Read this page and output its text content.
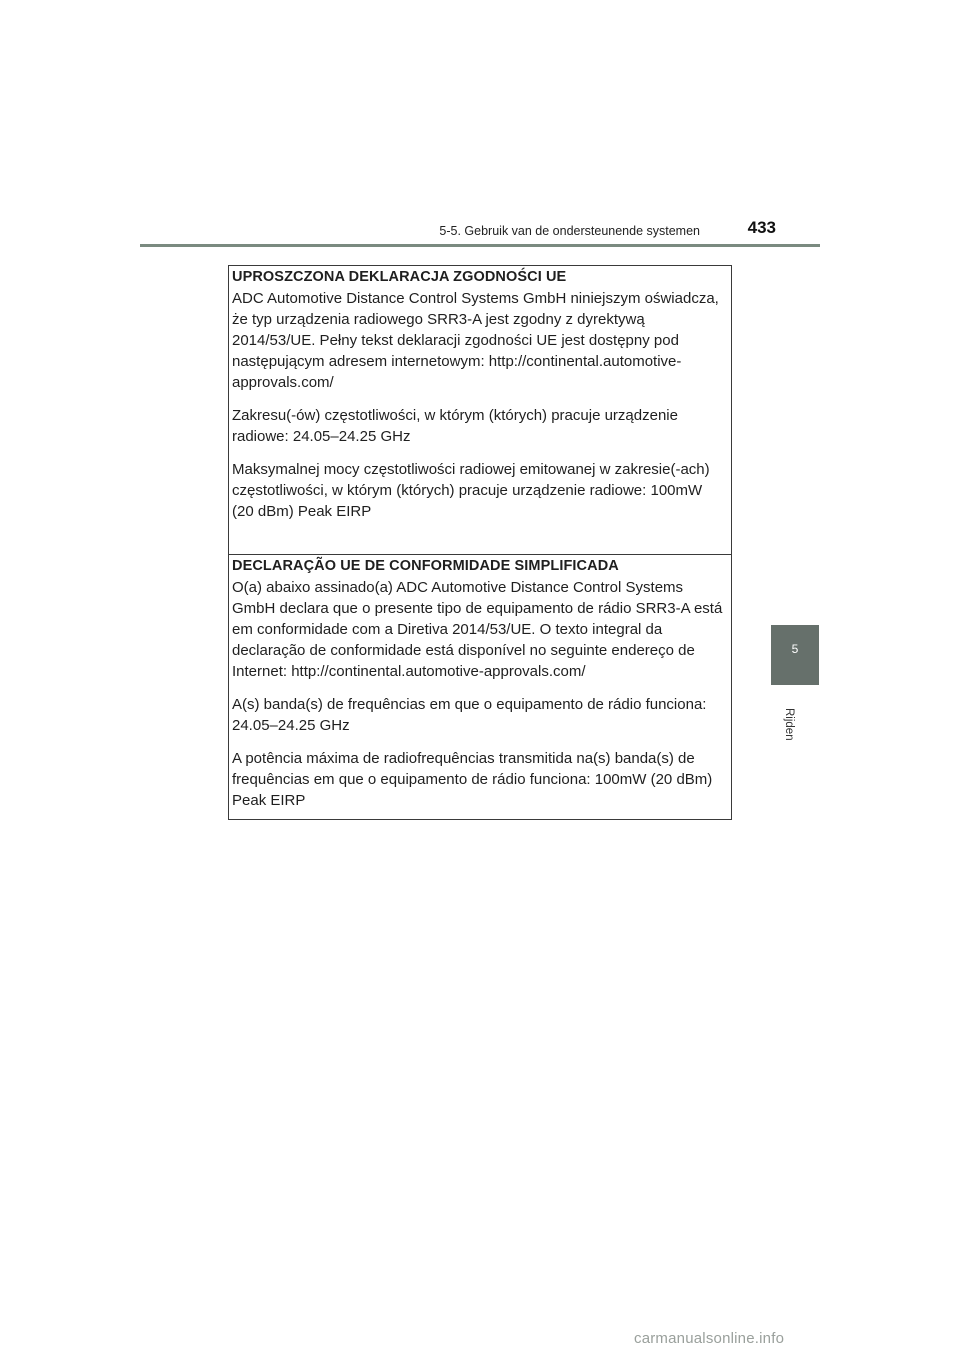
5-5. Gebruik van de ondersteunende systemen	433
5
Rijden
UPROSZCZONA DEKLARACJA ZGODNOŚCI UE

ADC Automotive Distance Control Systems GmbH niniejszym oświadcza, że typ urządzenia radiowego SRR3-A jest zgodny z dyrektywą 2014/53/UE. Pełny tekst deklaracji zgodności UE jest dostępny pod następującym adresem internetowym: http://continental.automotive-approvals.com/

Zakresu(-ów) częstotliwości, w którym (których) pracuje urządzenie radiowe: 24.05–24.25 GHz

Maksymalnej mocy częstotliwości radiowej emitowanej w zakresie(-ach) częstotliwości, w którym (których) pracuje urządzenie radiowe: 100mW (20 dBm) Peak EIRP

DECLARAÇÃO UE DE CONFORMIDADE SIMPLIFICADA

O(a) abaixo assinado(a) ADC Automotive Distance Control Systems GmbH declara que o presente tipo de equipamento de rádio SRR3-A está em conformidade com a Diretiva 2014/53/UE. O texto integral da declaração de conformidade está disponível no seguinte endereço de Internet: http://continental.automotive-approvals.com/

A(s) banda(s) de frequências em que o equipamento de rádio funciona: 24.05–24.25 GHz

A potência máxima de radiofrequências transmitida na(s) banda(s) de frequências em que o equipamento de rádio funciona: 100mW (20 dBm) Peak EIRP

carmanualsonline.info
